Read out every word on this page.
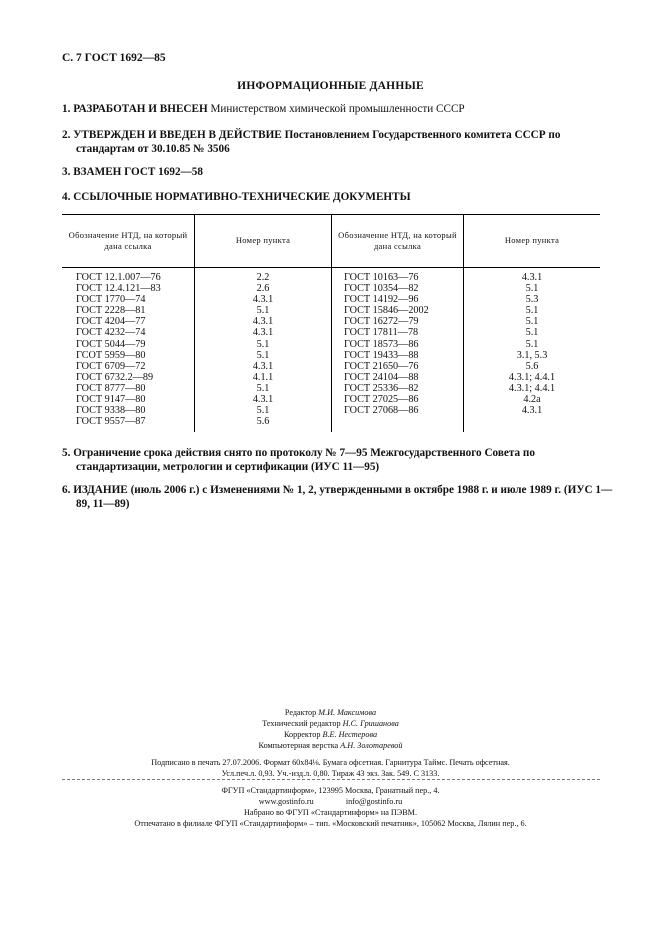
С. 7 ГОСТ 1692—85
ИНФОРМАЦИОННЫЕ ДАННЫЕ
1. РАЗРАБОТАН И ВНЕСЕН Министерством химической промышленности СССР
2. УТВЕРЖДЕН И ВВЕДЕН В ДЕЙСТВИЕ Постановлением Государственного комитета СССР по стандартам от 30.10.85 № 3506
3. ВЗАМЕН ГОСТ 1692—58
4. ССЫЛОЧНЫЕ НОРМАТИВНО-ТЕХНИЧЕСКИЕ ДОКУМЕНТЫ
Обозначение НТД, на который дана ссылка
Номер пункта
Обозначение НТД, на который дана ссылка
Номер пункта
ГОСТ 12.1.007—76
ГОСТ 12.4.121—83
ГОСТ 1770—74
ГОСТ 2228—81
ГОСТ 4204—77
ГОСТ 4232—74
ГОСТ 5044—79
ГСОТ 5959—80
ГОСТ 6709—72
ГОСТ 6732.2—89
ГОСТ 8777—80
ГОСТ 9147—80
ГОСТ 9338—80
ГОСТ 9557—87
2.2
2.6
4.3.1
5.1
4.3.1
4.3.1
5.1
5.1
4.3.1
4.1.1
5.1
4.3.1
5.1
5.6
ГОСТ 10163—76
ГОСТ 10354—82
ГОСТ 14192—96
ГОСТ 15846—2002
ГОСТ 16272—79
ГОСТ 17811—78
ГОСТ 18573—86
ГОСТ 19433—88
ГОСТ 21650—76
ГОСТ 24104—88
ГОСТ 25336—82
ГОСТ 27025—86
ГОСТ 27068—86
4.3.1
5.1
5.3
5.1
5.1
5.1
5.1
3.1, 5.3
5.6
4.3.1; 4.4.1
4.3.1; 4.4.1
4.2а
4.3.1
5. Ограничение срока действия снято по протоколу № 7—95 Межгосударственного Совета по стандартизации, метрологии и сертификации (ИУС 11—95)
6. ИЗДАНИЕ (июль 2006 г.) с Изменениями № 1, 2, утвержденными в октябре 1988 г. и июле 1989 г. (ИУС 1—89, 11—89)
Редактор М.И. Максимова
Технический редактор Н.С. Гришанова
Корректор В.Е. Нестерова
Компьютерная верстка А.Н. Золотаревой
Подписано в печать 27.07.2006. Формат 60x84⅛. Бумага офсетная. Гарнитура Таймс. Печать офсетная.
Усл.печ.л. 0,93. Уч.-изд.л. 0,80. Тираж 43 экз. Зак. 549. С 3133.
ФГУП «Стандартинформ», 123995 Москва, Гранатный пер., 4.
www.gostinfo.ru	info@gostinfo.ru
Набрано во ФГУП «Стандартинформ» на ПЭВМ.
Отпечатано в филиале ФГУП «Стандартинформ» – тип. «Московский печатник», 105062 Москва, Лялин пер., 6.
